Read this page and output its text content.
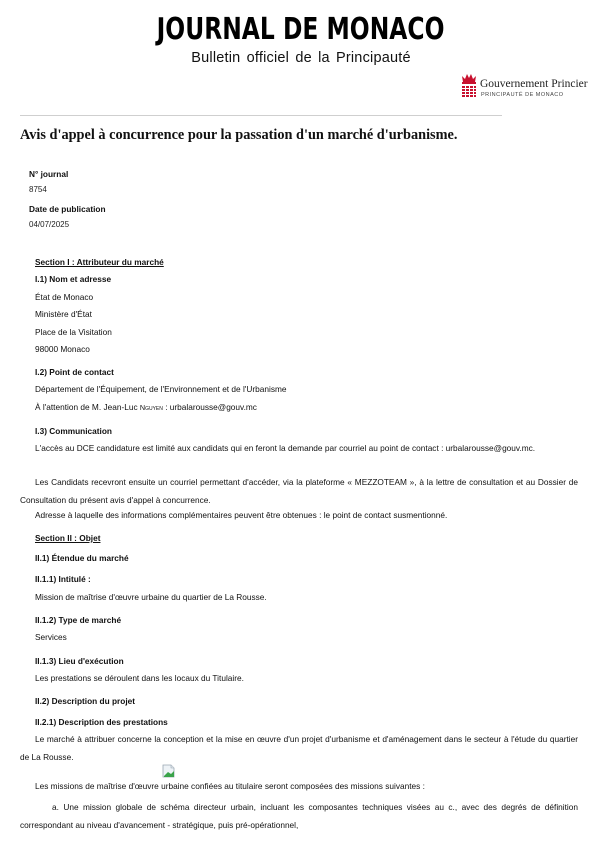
JOURNAL DE MONACO
Bulletin officiel de la Principauté
Gouvernement Princier
PRINCIPAUTÉ DE MONACO
Avis d'appel à concurrence pour la passation d'un marché d'urbanisme.
N° journal
8754
Date de publication
04/07/2025
Section I : Attributeur du marché
I.1) Nom et adresse
État de Monaco
Ministère d'État
Place de la Visitation
98000 Monaco
I.2) Point de contact
Département de l'Équipement, de l'Environnement et de l'Urbanisme
À l'attention de M. Jean-Luc Nguyen : urbalarousse@gouv.mc
I.3) Communication
L'accès au DCE candidature est limité aux candidats qui en feront la demande par courriel au point de contact : urbalarousse@gouv.mc.
Les Candidats recevront ensuite un courriel permettant d'accéder, via la plateforme « MEZZOTEAM », à la lettre de consultation et au Dossier de Consultation du présent avis d'appel à concurrence.
Adresse à laquelle des informations complémentaires peuvent être obtenues : le point de contact susmentionné.
Section II : Objet
II.1) Étendue du marché
II.1.1) Intitulé :
Mission de maîtrise d'œuvre urbaine du quartier de La Rousse.
II.1.2) Type de marché
Services
II.1.3) Lieu d'exécution
Les prestations se déroulent dans les locaux du Titulaire.
II.2) Description du projet
II.2.1) Description des prestations
Le marché à attribuer concerne la conception et la mise en œuvre d'un projet d'urbanisme et d'aménagement dans le secteur à l'étude du quartier de La Rousse.
Les missions de maîtrise d'œuvre urbaine confiées au titulaire seront composées des missions suivantes :
a. Une mission globale de schéma directeur urbain, incluant les composantes techniques visées au c., avec des degrés de définition correspondant au niveau d'avancement - stratégique, puis pré-opérationnel,
